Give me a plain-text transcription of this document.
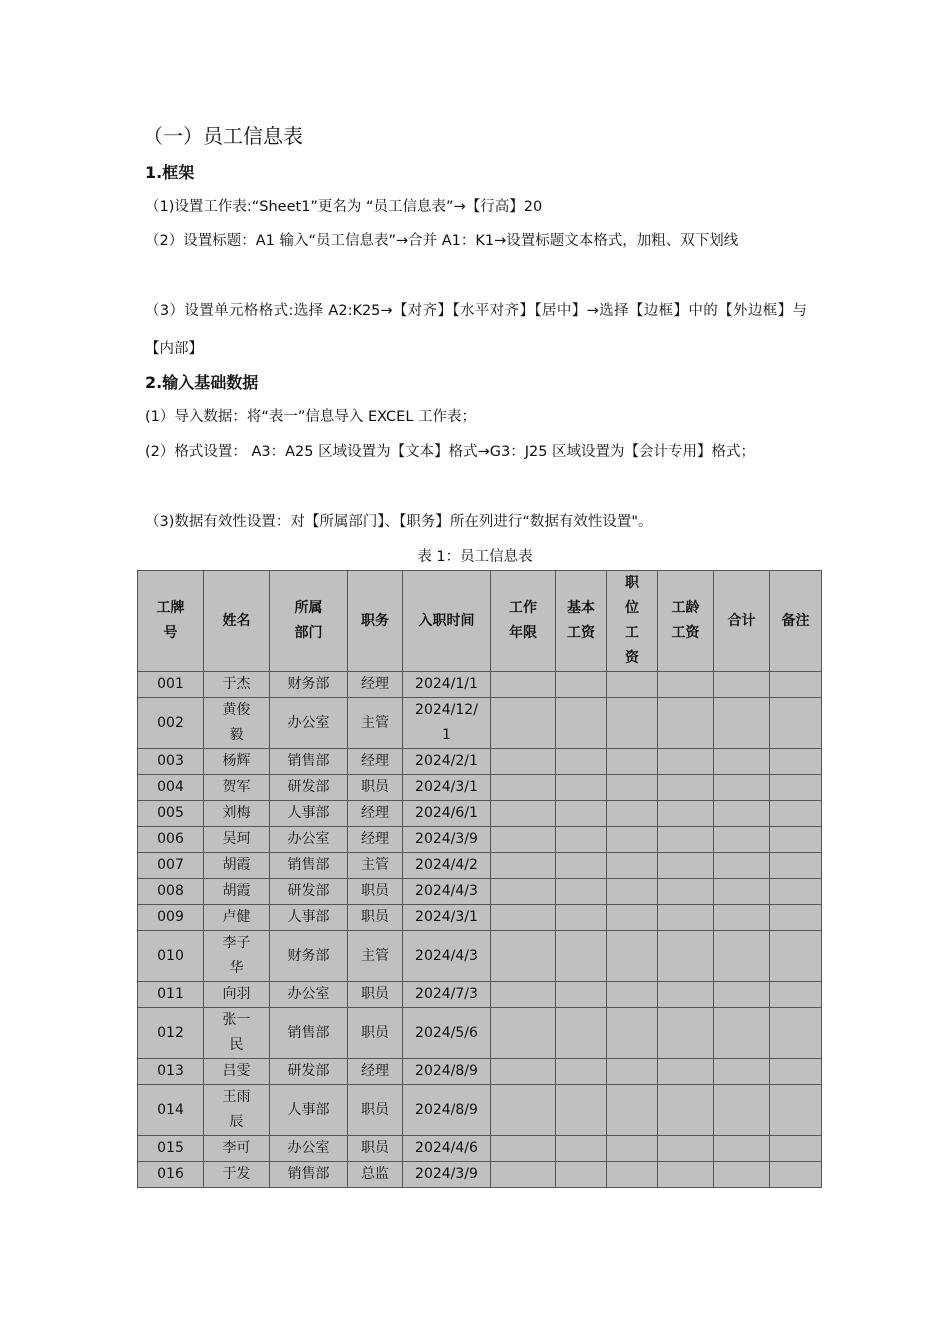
（一）员工信息表
1.框架

（1)设置工作表:“Sheet1”更名为 “员工信息表”→【行高】20

（2）设置标题：A1 输入“员工信息表”→合并 A1：K1→设置标题文本格式，加粗、双下划线

（3）设置单元格格式:选择 A2:K25→【对齐】【水平对齐】【居中】→选择【边框】中的【外边框】与【内部】

2.输入基础数据

(1）导入数据：将“表一”信息导入 EXCEL 工作表；

(2）格式设置： A3：A25 区域设置为【文本】格式→G3：J25 区域设置为【会计专用】格式；

（3)数据有效性设置：对【所属部门】、【职务】所在列进行“数据有效性设置"。

表 1：员工信息表
工牌号	姓名	所属部门	职务	入职时间	工作年限	基本工资	职位工资	工龄工资	合计	备注
001	于杰	财务部	经理	2024/1/1						
002	黄俊毅	办公室	主管	2024/12/1						
003	杨辉	销售部	经理	2024/2/1						
004	贺军	研发部	职员	2024/3/1						
005	刘梅	人事部	经理	2024/6/1						
006	吴珂	办公室	经理	2024/3/9						
007	胡霞	销售部	主管	2024/4/2						
008	胡霞	研发部	职员	2024/4/3						
009	卢健	人事部	职员	2024/3/1						
010	李子华	财务部	主管	2024/4/3						
011	向羽	办公室	职员	2024/7/3						
012	张一民	销售部	职员	2024/5/6						
013	吕雯	研发部	经理	2024/8/9						
014	王雨辰	人事部	职员	2024/8/9						
015	李可	办公室	职员	2024/4/6						
016	于发	销售部	总监	2024/3/9						
